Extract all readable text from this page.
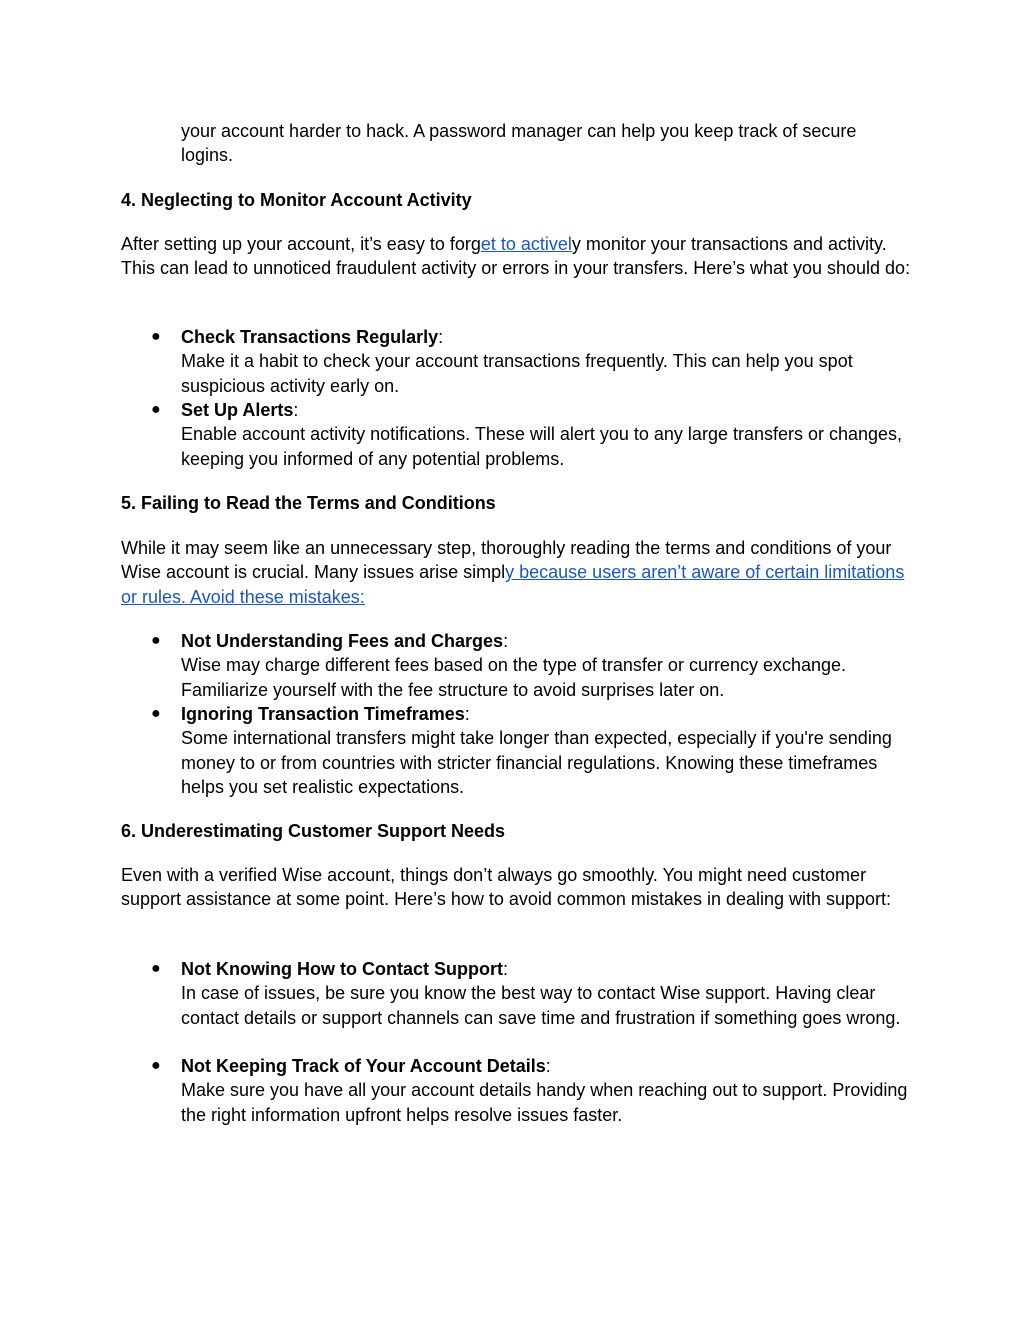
your account harder to hack. A password manager can help you keep track of secure logins.

4. Neglecting to Monitor Account Activity

After setting up your account, it’s easy to forget to actively monitor your transactions and activity. This can lead to unnoticed fraudulent activity or errors in your transfers. Here’s what you should do:

● Check Transactions Regularly:
Make it a habit to check your account transactions frequently. This can help you spot suspicious activity early on.
● Set Up Alerts:
Enable account activity notifications. These will alert you to any large transfers or changes, keeping you informed of any potential problems.
5. Failing to Read the Terms and Conditions

While it may seem like an unnecessary step, thoroughly reading the terms and conditions of your Wise account is crucial. Many issues arise simply because users aren’t aware of certain limitations or rules. Avoid these mistakes:

● Not Understanding Fees and Charges:
Wise may charge different fees based on the type of transfer or currency exchange. Familiarize yourself with the fee structure to avoid surprises later on.
● Ignoring Transaction Timeframes:
Some international transfers might take longer than expected, especially if you're sending money to or from countries with stricter financial regulations. Knowing these timeframes helps you set realistic expectations.
6. Underestimating Customer Support Needs

Even with a verified Wise account, things don’t always go smoothly. You might need customer support assistance at some point. Here’s how to avoid common mistakes in dealing with support:

● Not Knowing How to Contact Support:
In case of issues, be sure you know the best way to contact Wise support. Having clear contact details or support channels can save time and frustration if something goes wrong.
● Not Keeping Track of Your Account Details:
Make sure you have all your account details handy when reaching out to support. Providing the right information upfront helps resolve issues faster.
